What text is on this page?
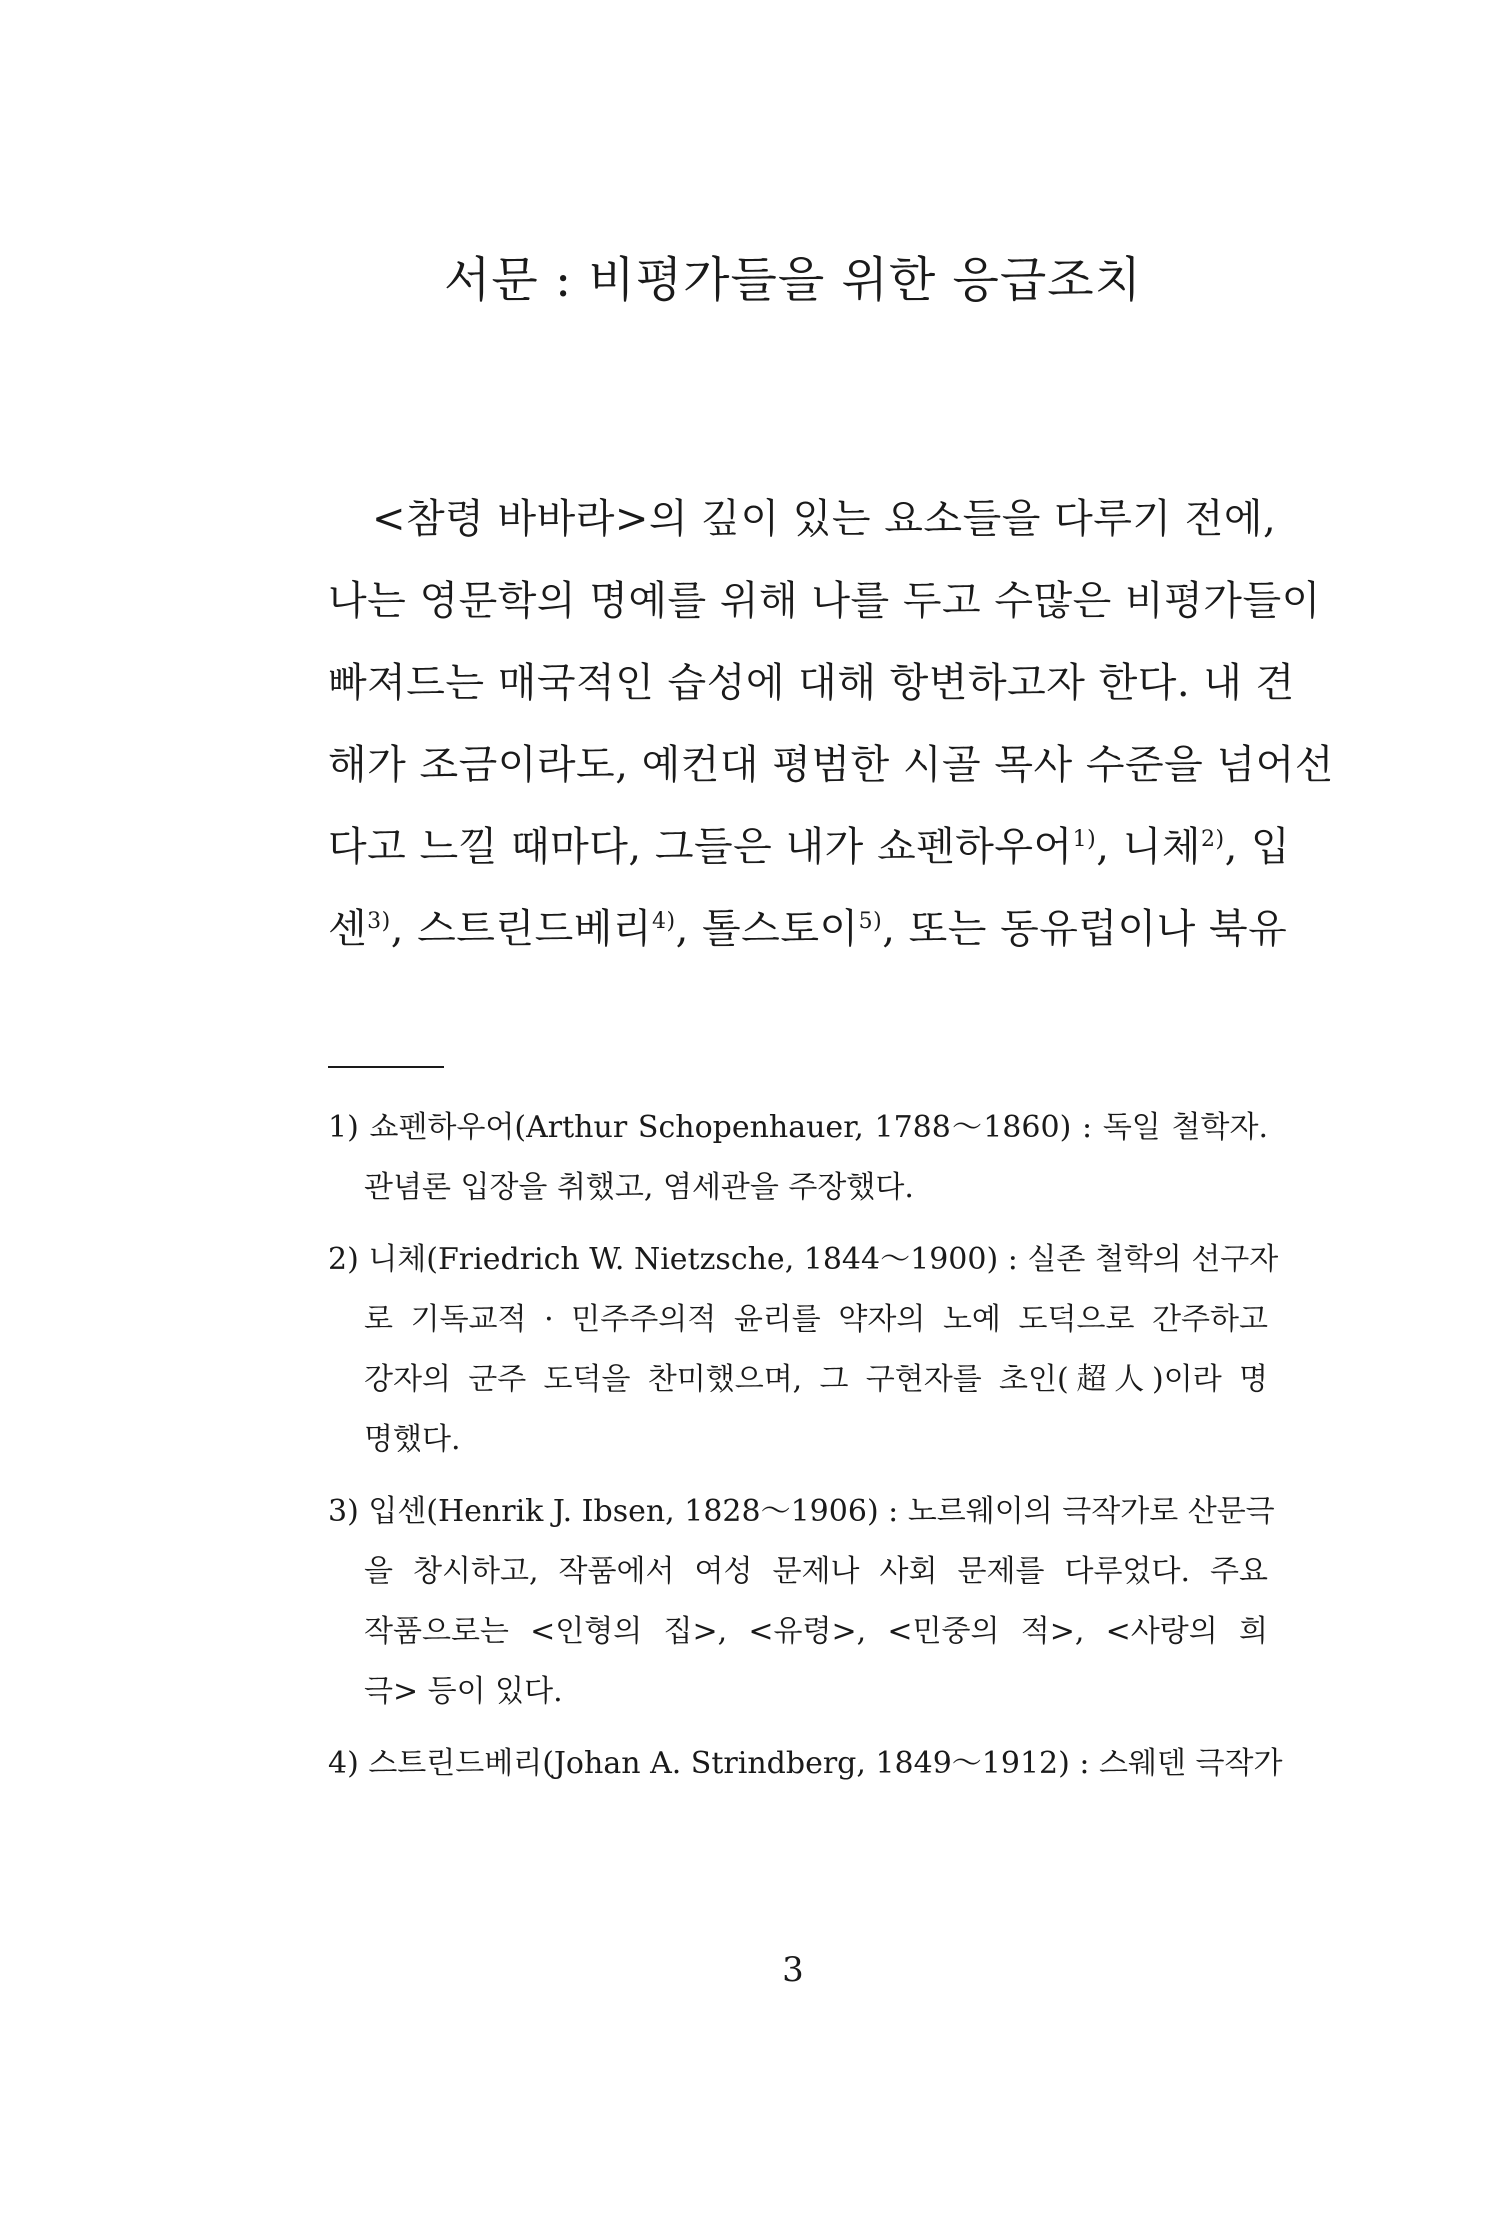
서문 : 비평가들을 위한 응급조치
<참령 바바라>의 깊이 있는 요소들을 다루기 전에,
나는 영문학의 명예를 위해 나를 두고 수많은 비평가들이
빠져드는 매국적인 습성에 대해 항변하고자 한다. 내 견
해가 조금이라도, 예컨대 평범한 시골 목사 수준을 넘어선
다고 느낄 때마다, 그들은 내가 쇼펜하우어$^{1)}$, 니체$^{2)}$, 입
센$^{3)}$, 스트린드베리$^{4)}$, 톨스토이$^{5)}$, 또는 동유럽이나 북유
1) 쇼펜하우어(Arthur Schopenhauer, 1788～1860) : 독일 철학자.
관념론 입장을 취했고, 염세관을 주장했다.
2) 니체(Friedrich W. Nietzsche, 1844～1900) : 실존 철학의 선구자
로 기독교적 · 민주주의적 윤리를 약자의 노예 도덕으로 간주하고
강자의 군주 도덕을 찬미했으며, 그 구현자를 초인(超人)이라 명
명했다.
3) 입센(Henrik J. Ibsen, 1828～1906) : 노르웨이의 극작가로 산문극
을 창시하고, 작품에서 여성 문제나 사회 문제를 다루었다. 주요
작품으로는 <인형의 집>, <유령>, <민중의 적>, <사랑의 희
극> 등이 있다.
4) 스트린드베리(Johan A. Strindberg, 1849～1912) : 스웨덴 극작가
3
